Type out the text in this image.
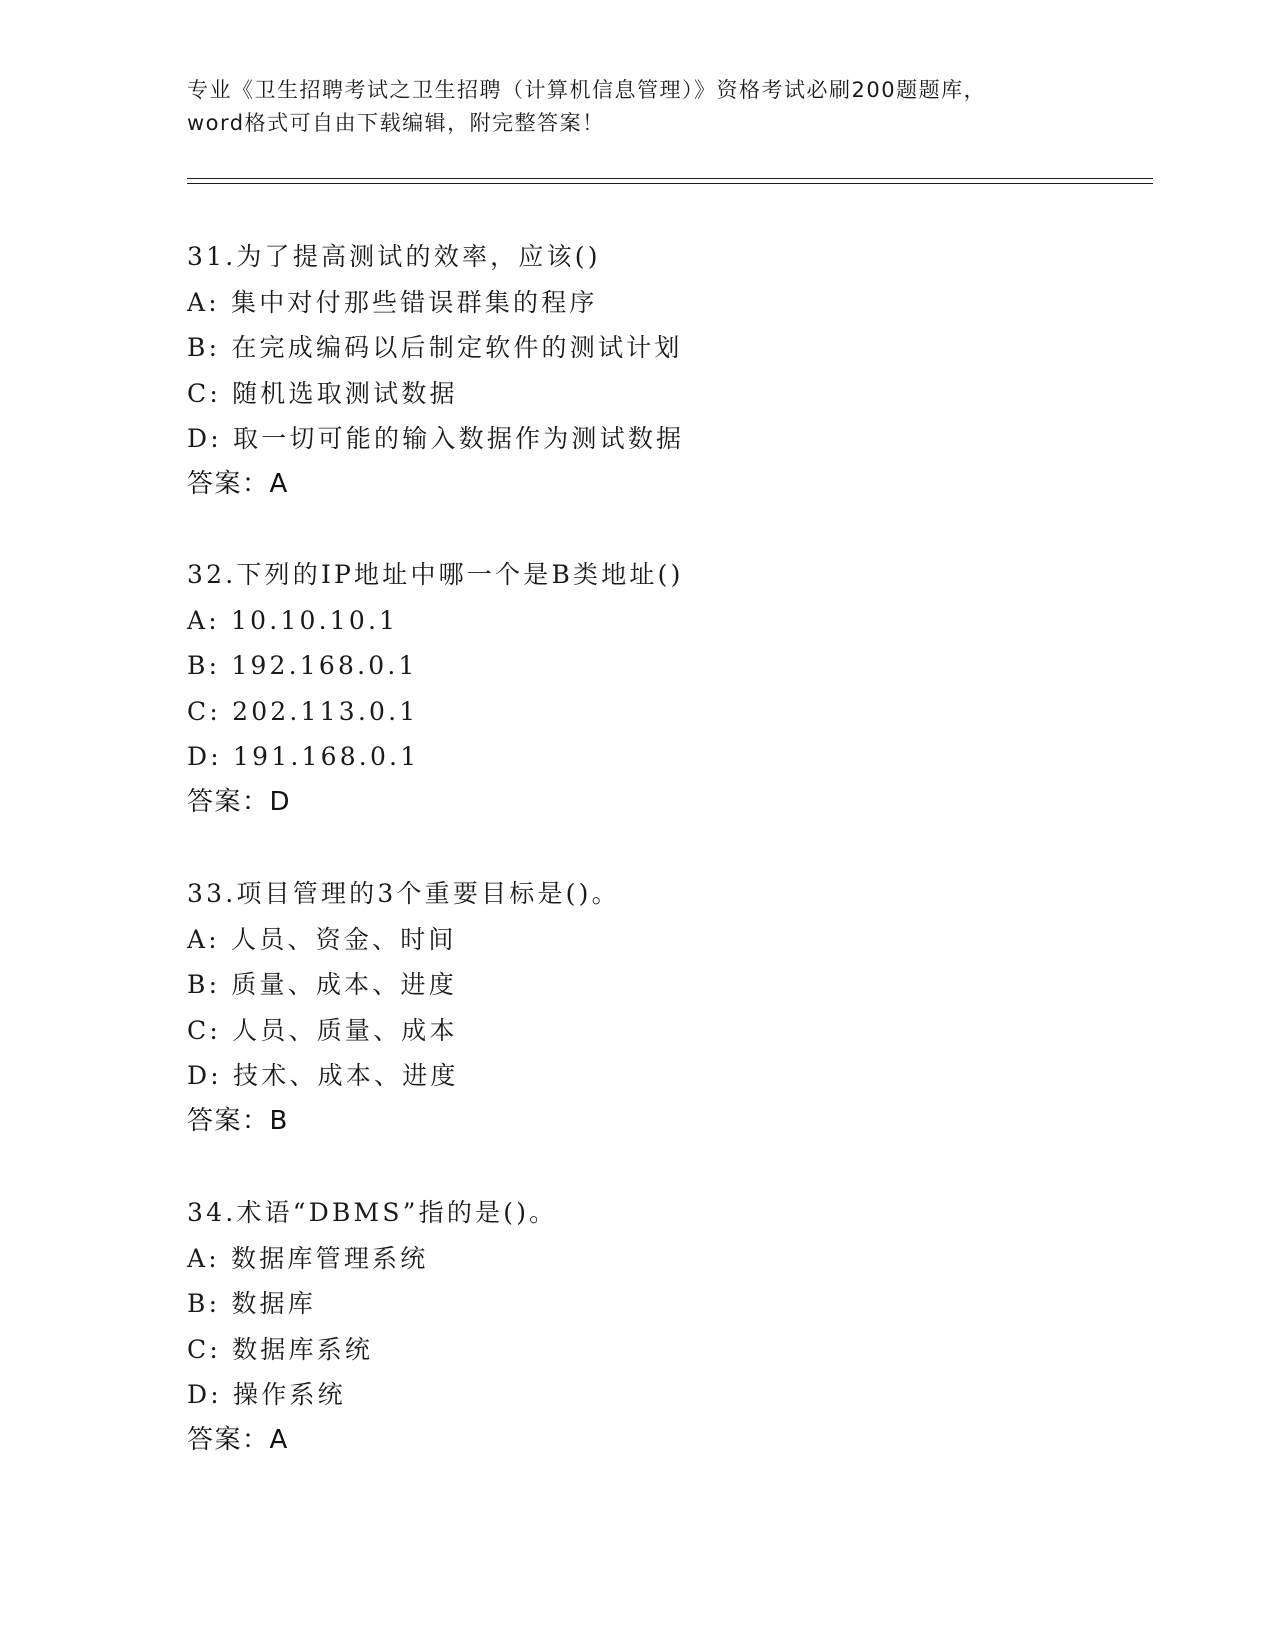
专业《卫生招聘考试之卫生招聘（计算机信息管理）》资格考试必刷200题题库，
word格式可自由下载编辑，附完整答案！
31.为了提高测试的效率，应该()
A: 集中对付那些错误群集的程序
B: 在完成编码以后制定软件的测试计划
C: 随机选取测试数据
D: 取一切可能的输入数据作为测试数据
答案：A
32.下列的IP地址中哪一个是B类地址()
A: 10.10.10.1
B: 192.168.0.1
C: 202.113.0.1
D: 191.168.0.1
答案：D
33.项目管理的3个重要目标是()。
A: 人员、资金、时间
B: 质量、成本、进度
C: 人员、质量、成本
D: 技术、成本、进度
答案：B
34.术语“DBMS”指的是()。
A: 数据库管理系统
B: 数据库
C: 数据库系统
D: 操作系统
答案：A
